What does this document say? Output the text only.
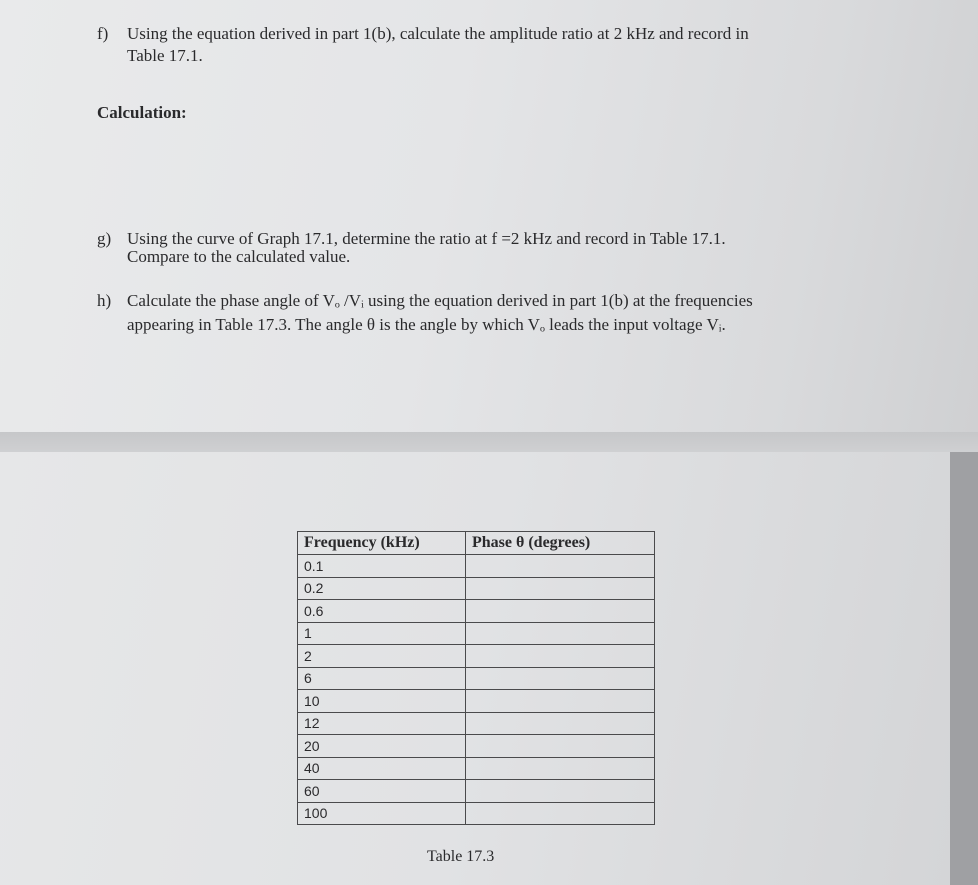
f) Using the equation derived in part 1(b), calculate the amplitude ratio at 2 kHz and record in
Table 17.1.
Calculation:
g) Using the curve of Graph 17.1, determine the ratio at f =2 kHz and record in Table 17.1.
Compare to the calculated value.
h) Calculate the phase angle of Vₒ /Vᵢ using the equation derived in part 1(b) at the frequencies
appearing in Table 17.3. The angle θ is the angle by which Vₒ leads the input voltage Vᵢ.
Frequency (kHz)	Phase θ (degrees)
0.1	
0.2	
0.6	
1	
2	
6	
10	
12	
20	
40	
60	
100	
Table 17.3
